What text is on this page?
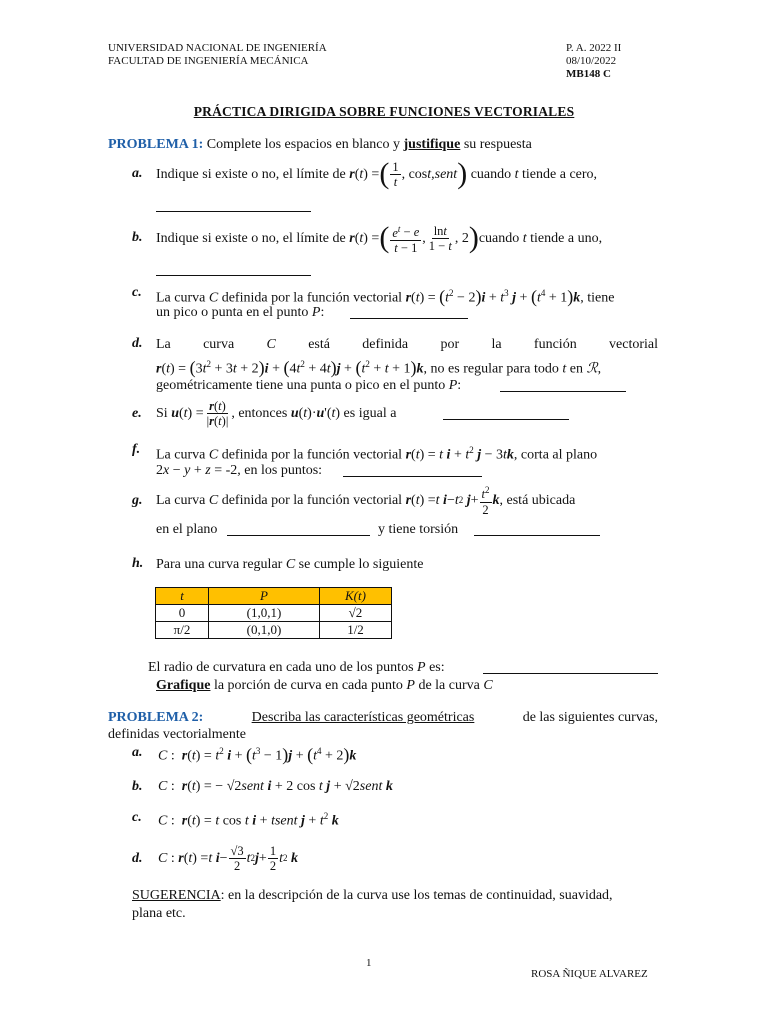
UNIVERSIDAD NACIONAL DE INGENIERÍA
FACULTAD DE INGENIERÍA MECÁNICA
P. A. 2022 II
08/10/2022
MB148 C
PRÁCTICA DIRIGIDA SOBRE FUNCIONES VECTORIALES
PROBLEMA 1: Complete los espacios en blanco y justifique su respuesta
a. Indique si existe o no, el límite de
r ( t ) = ( $\frac{1}{t}$ , cos t , sent )
cuando
t
tiende a cero,
b. Indique si existe o no, el límite de
r ( t ) = ( $\frac{e^t - e}{t - 1}$ , $\frac{\ln t}{1 - t}$ , 2 ) cuando
t
tiende a uno,
c. La curva C definida por la función vectorial $r(t) = (t^2 - 2)i + t^3$ $j + (t^4 + 1)k$, tiene
un pico o punta en el punto P:
d. La curva C está definida por la función vectorial
$r(t) = (3t^2 + 3t + 2)i + (4t^2 + 4t)j + (t^2 + t + 1)k$, no es regular para todo t en ℛ,
geométricamente tiene una punta o pico en el punto P:
e. Si
u ( t ) = $\frac{r(t)}{|r(t)|}$ , entonces
u ( t )· u '( t ) es igual a
f. La curva C definida por la función vectorial r(t) = t $i + t^2$ j − 3tk, corta al plano
2x − y + z = -2, en los puntos:
g. La curva
C
definida por la función vectorial
r ( t ) = t
i − t 2
$j + \frac{t^2}{2}$ k , está ubicada
en el plano	y tiene torsión
h. Para una curva regular C se cumple lo siguiente
t	P	K(t)
0	(1,0,1)	√2
π/2	(0,1,0)	1/2
El radio de curvatura en cada uno de los puntos P es:
Grafique la porción de curva en cada punto P de la curva C
PROBLEMA 2:	Describa las características geométricas	de las siguientes curvas,
definidas vectorialmente
a. C :  $r(t) = t^2$ $i + (t^3 - 1)j + (t^4 + 2)k$
b. C :  r(t) = − √2sent i + 2 cos t j + √2sent k
c. C :  r(t) = t cos t i + tsent $j + t^2$ k
d. C : r ( t ) = t
$i - \frac{√3}{2}$ t 2 $j + \frac{1}{2}$ t 2
k
SUGERENCIA: en la descripción de la curva use los temas de continuidad, suavidad,
plana etc.
1
ROSA ÑIQUE ALVAREZ
